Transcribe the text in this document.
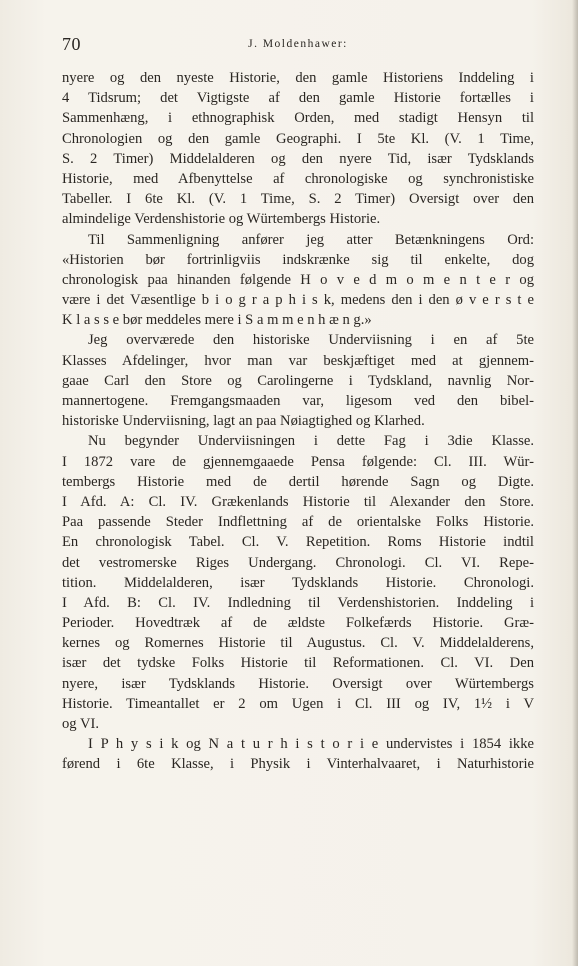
70	J. Moldenhawer:
nyere og den nyeste Historie, den gamle Historiens Inddeling i
4 Tidsrum; det Vigtigste af den gamle Historie fortælles i
Sammenhæng, i ethnographisk Orden, med stadigt Hensyn til
Chronologien og den gamle Geographi. I 5te Kl. (V. 1 Time,
S. 2 Timer) Middelalderen og den nyere Tid, især Tydsklands
Historie, med Afbenyttelse af chronologiske og synchronistiske
Tabeller. I 6te Kl. (V. 1 Time, S. 2 Timer) Oversigt over den
almindelige Verdenshistorie og Würtembergs Historie.
Til Sammenligning anfører jeg atter Betænkningens Ord:
«Historien bør fortrinligviis indskrænke sig til enkelte, dog
chronologisk paa hinanden følgende H o v e d m o m e n t e r og
være i det Væsentlige b i o g r a p h i s k, medens den i den ø v e r s t e
K l a s s e bør meddeles mere i S a m m e n h æ n g.»
Jeg overværede den historiske Underviisning i en af 5te
Klasses Afdelinger, hvor man var beskjæftiget med at gjennem-
gaae Carl den Store og Carolingerne i Tydskland, navnlig Nor-
mannertogene. Fremgangsmaaden var, ligesom ved den bibel-
historiske Underviisning, lagt an paa Nøiagtighed og Klarhed.
Nu begynder Underviisningen i dette Fag i 3die Klasse.
I 1872 vare de gjennemgaaede Pensa følgende: Cl. III. Wür-
tembergs Historie med de dertil hørende Sagn og Digte.
I Afd. A: Cl. IV. Grækenlands Historie til Alexander den Store.
Paa passende Steder Indflettning af de orientalske Folks Historie.
En chronologisk Tabel. Cl. V. Repetition. Roms Historie indtil
det vestromerske Riges Undergang. Chronologi. Cl. VI. Repe-
tition. Middelalderen, især Tydsklands Historie. Chronologi.
I Afd. B: Cl. IV. Indledning til Verdenshistorien. Inddeling i
Perioder. Hovedtræk af de ældste Folkefærds Historie. Græ-
kernes og Romernes Historie til Augustus. Cl. V. Middelalderens,
især det tydske Folks Historie til Reformationen. Cl. VI. Den
nyere, især Tydsklands Historie. Oversigt over Würtembergs
Historie. Timeantallet er 2 om Ugen i Cl. III og IV, 1½ i V
og VI.
I P h y s i k og N a t u r h i s t o r i e undervistes i 1854 ikke
førend i 6te Klasse, i Physik i Vinterhalvaaret, i Naturhistorie
